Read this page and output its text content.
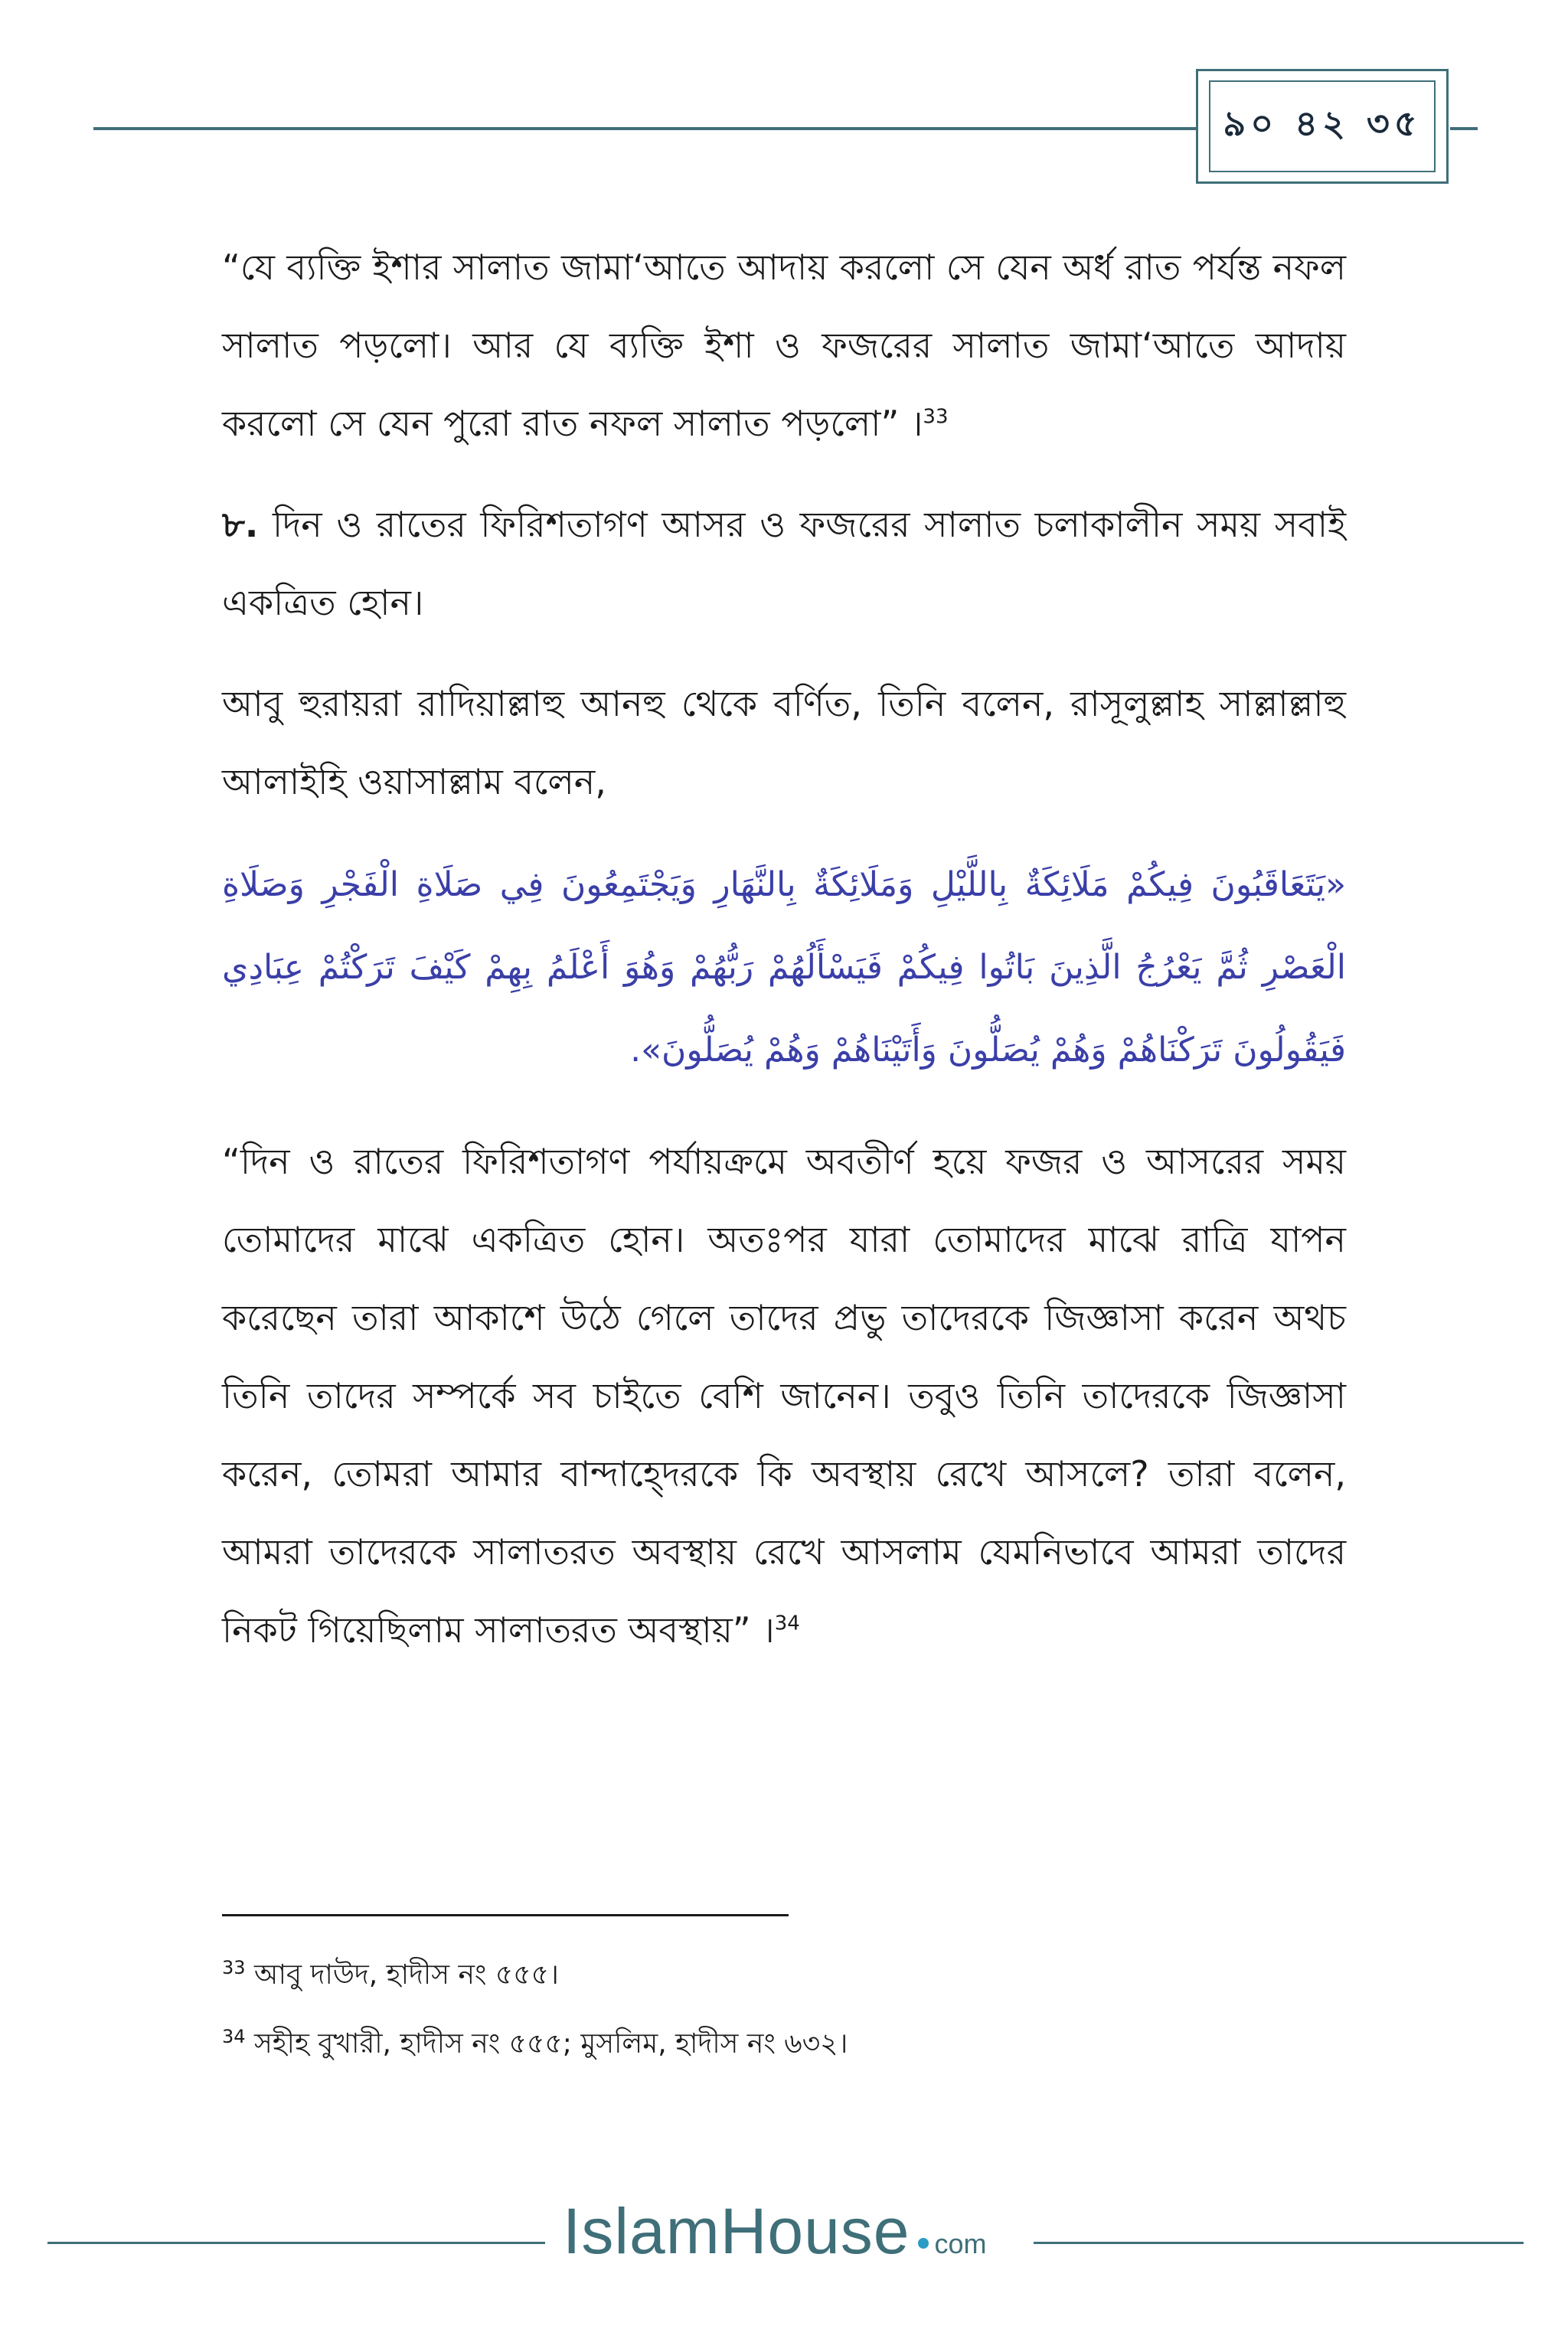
৯০ ৪২ ৩৫

“যে ব্যক্তি ইশার সালাত জামা‘আতে আদায় করলো সে যেন অর্ধ রাত পর্যন্ত নফল সালাত পড়লো। আর যে ব্যক্তি ইশা ও ফজরের সালাত জামা‘আতে আদায় করলো সে যেন পুরো রাত নফল সালাত পড়লো” ।$^{33}$

৮. দিন ও রাতের ফিরিশতাগণ আসর ও ফজরের সালাত চলাকালীন সময় সবাই একত্রিত হোন।

আবু হুরায়রা রাদিয়াল্লাহু আনহু থেকে বর্ণিত, তিনি বলেন, রাসূলুল্লাহ সাল্লাল্লাহু আলাইহি ওয়াসাল্লাম বলেন,

«يَتَعَاقَبُونَ فِيكُمْ مَلَائِكَةٌ بِاللَّيْلِ وَمَلَائِكَةٌ بِالنَّهَارِ وَيَجْتَمِعُونَ فِي صَلَاةِ الْفَجْرِ وَصَلَاةِ الْعَصْرِ ثُمَّ يَعْرُجُ الَّذِينَ بَاتُوا فِيكُمْ فَيَسْأَلُهُمْ رَبُّهُمْ وَهُوَ أَعْلَمُ بِهِمْ كَيْفَ تَرَكْتُمْ عِبَادِي فَيَقُولُونَ تَرَكْنَاهُمْ وَهُمْ يُصَلُّونَ وَأَتَيْنَاهُمْ وَهُمْ يُصَلُّونَ».

“দিন ও রাতের ফিরিশতাগণ পর্যায়ক্রমে অবতীর্ণ হয়ে ফজর ও আসরের সময় তোমাদের মাঝে একত্রিত হোন। অতঃপর যারা তোমাদের মাঝে রাত্রি যাপন করেছেন তারা আকাশে উঠে গেলে তাদের প্রভু তাদেরকে জিজ্ঞাসা করেন অথচ তিনি তাদের সম্পর্কে সব চাইতে বেশি জানেন। তবুও তিনি তাদেরকে জিজ্ঞাসা করেন, তোমরা আমার বান্দাহ্দেরকে কি অবস্থায় রেখে আসলে? তারা বলেন, আমরা তাদেরকে সালাতরত অবস্থায় রেখে আসলাম যেমনিভাবে আমরা তাদের নিকট গিয়েছিলাম সালাতরত অবস্থায়” ।$^{34}$

$^{33}$ আবু দাউদ, হাদীস নং ৫৫৫।
$^{34}$ সহীহ বুখারী, হাদীস নং ৫৫৫; মুসলিম, হাদীস নং ৬৩২।
IslamHouse com
